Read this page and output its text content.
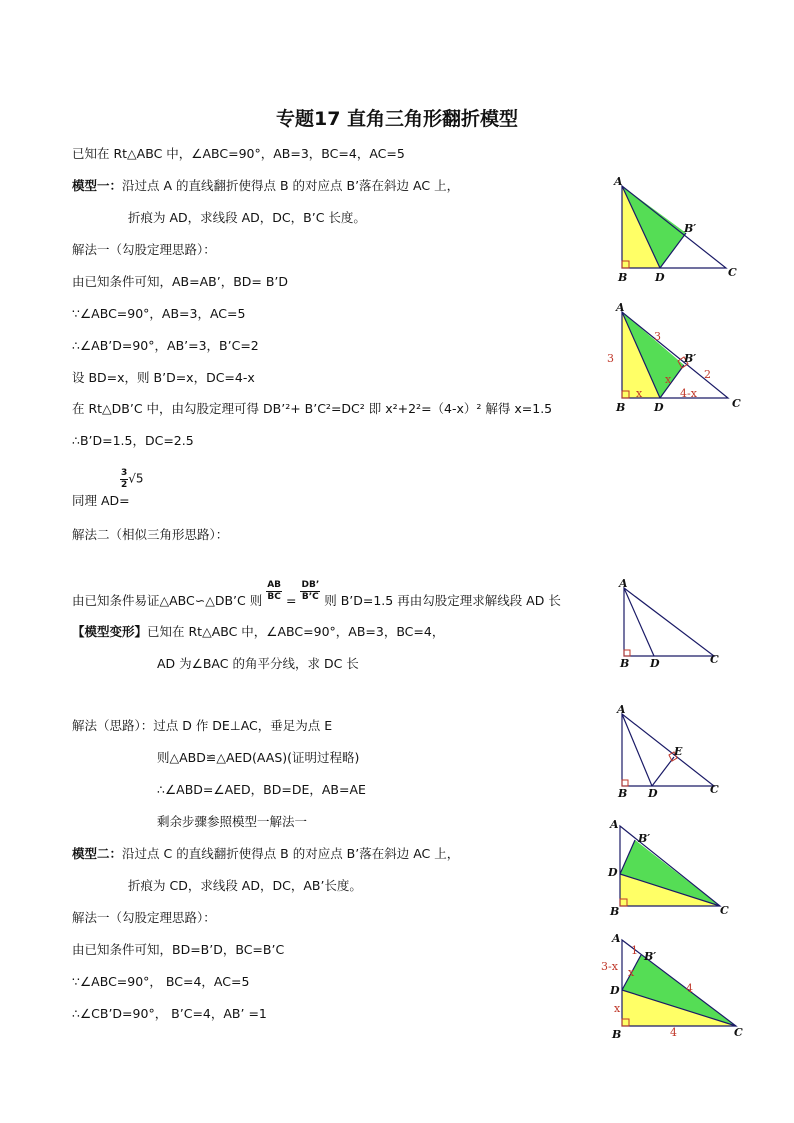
专题17 直角三角形翻折模型
已知在 Rt△ABC 中，∠ABC=90°，AB=3，BC=4，AC=5
模型一：沿过点 A 的直线翻折使得点 B 的对应点 B’落在斜边 AC 上，
折痕为 AD，求线段 AD，DC，B’C 长度。
解法一（勾股定理思路）：
由已知条件可知，AB=AB’，BD= B’D
∵∠ABC=90°，AB=3，AC=5
∴∠AB’D=90°，AB’=3，B’C=2
设 BD=x，则 B’D=x，DC=4-x
在 Rt△DB’C 中，由勾股定理可得 DB’²+ B’C²=DC² 即 x²+2²=（4-x）² 解得 x=1.5
∴B’D=1.5，DC=2.5
$\frac{3}{2} √5$
同理 AD=
解法二（相似三角形思路）：
由已知条件易证△ABC∽△DB’C 则 $\frac{AB}{BC} = \frac{DB’}{B’C}$ 则 B’D=1.5 再由勾股定理求解线段 AD 长
【模型变形】已知在 Rt△ABC 中，∠ABC=90°，AB=3，BC=4，
AD 为∠BAC 的角平分线，求 DC 长
解法（思路）：过点 D 作 DE⊥AC，垂足为点 E
则△ABD≌△AED(AAS)(证明过程略)
∴∠ABD=∠AED，BD=DE，AB=AE
剩余步骤参照模型一解法一
模型二：沿过点 C 的直线翻折使得点 B 的对应点 B’落在斜边 AC 上，
折痕为 CD，求线段 AD，DC，AB’长度。
解法一（勾股定理思路）：
由已知条件可知，BD=B’D，BC=B’C
∵∠ABC=90°， BC=4，AC=5
∴∠CB’D=90°， B’C=4，AB’ =1
A
B	D	C
B′
A
B	D	C
B′
3
3
x
x
4-x
2
A
B D	C
A
B D	C
E
A
B′
D
B	C
A
B′
D
B	C
1
3-x x
x
4
4
